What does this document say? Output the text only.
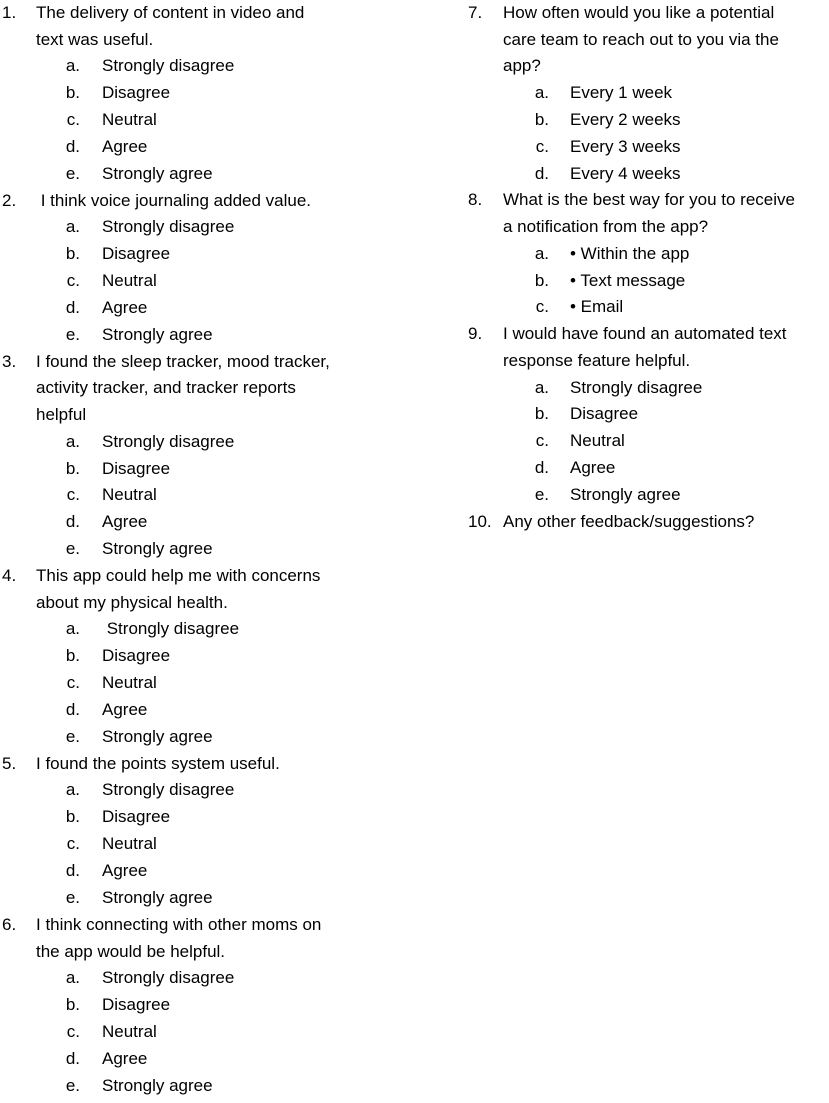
1.	The delivery of content in video and
text was useful.
a.	Strongly disagree
b.	Disagree
c.	Neutral
d.	Agree
e.	Strongly agree
2.	I think voice journaling added value.
a.	Strongly disagree
b.	Disagree
c.	Neutral
d.	Agree
e.	Strongly agree
3.	I found the sleep tracker, mood tracker,
activity tracker, and tracker reports
helpful
a.	Strongly disagree
b.	Disagree
c.	Neutral
d.	Agree
e.	Strongly agree
4.	This app could help me with concerns
about my physical health.
a.	Strongly disagree
b.	Disagree
c.	Neutral
d.	Agree
e.	Strongly agree
5.	I found the points system useful.
a.	Strongly disagree
b.	Disagree
c.	Neutral
d.	Agree
e.	Strongly agree
6.	I think connecting with other moms on
the app would be helpful.
a.	Strongly disagree
b.	Disagree
c.	Neutral
d.	Agree
e.	Strongly agree
7.	How often would you like a potential
care team to reach out to you via the
app?
a.	Every 1 week
b.	Every 2 weeks
c.	Every 3 weeks
d.	Every 4 weeks
8.	What is the best way for you to receive
a notification from the app?
a.	• Within the app
b.	• Text message
c.	• Email
9.	I would have found an automated text
response feature helpful.
a.	Strongly disagree
b.	Disagree
c.	Neutral
d.	Agree
e.	Strongly agree
10. Any other feedback/suggestions?
